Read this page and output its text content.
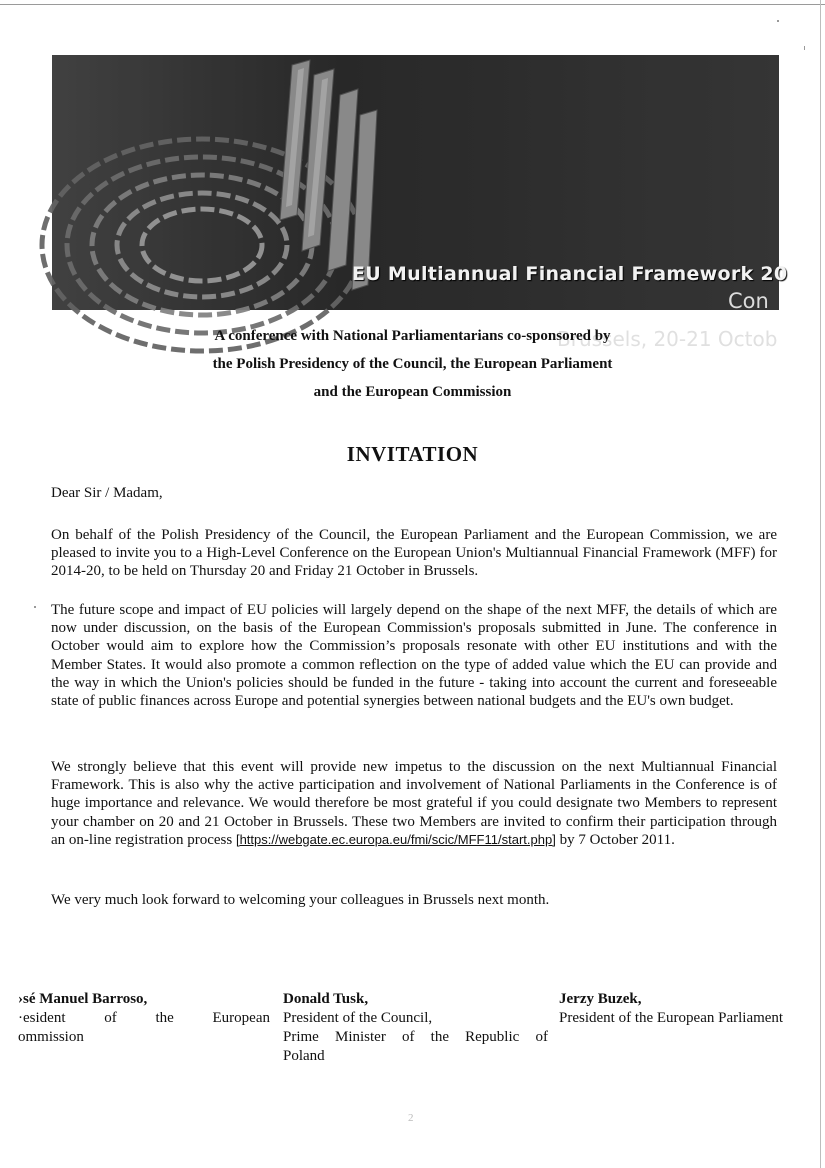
EU Multiannual Financial Framework 20
Con
Brussels, 20-21 Octob
A conference with National Parliamentarians co-sponsored by
the Polish Presidency of the Council, the European Parliament
and the European Commission
INVITATION
Dear Sir / Madam,
On behalf of the Polish Presidency of the Council, the European Parliament and the European Commission, we are pleased to invite you to a High-Level Conference on the European Union's Multiannual Financial Framework (MFF) for 2014-20, to be held on Thursday 20 and Friday 21 October in Brussels.
The future scope and impact of EU policies will largely depend on the shape of the next MFF, the details of which are now under discussion, on the basis of the European Commission's proposals submitted in June. The conference in October would aim to explore how the Commission’s proposals resonate with other EU institutions and with the Member States. It would also promote a common reflection on the type of added value which the EU can provide and the way in which the Union's policies should be funded in the future - taking into account the current and foreseeable state of public finances across Europe and potential synergies between national budgets and the EU's own budget.
We strongly believe that this event will provide new impetus to the discussion on the next Multiannual Financial Framework. This is also why the active participation and involvement of National Parliaments in the Conference is of huge importance and relevance. We would therefore be most grateful if you could designate two Members to represent your chamber on 20 and 21 October in Brussels. These two Members are invited to confirm their participation through an on-line registration process [https://webgate.ec.europa.eu/fmi/scic/MFF11/start.php] by 7 October 2011.
We very much look forward to welcoming your colleagues in Brussels next month.
›sé Manuel Barroso,
·esident	of	the	European
ommission
Donald Tusk,
President of the Council,
Prime Minister of the Republic of
Poland
Jerzy Buzek,
President of the European Parliament
2
